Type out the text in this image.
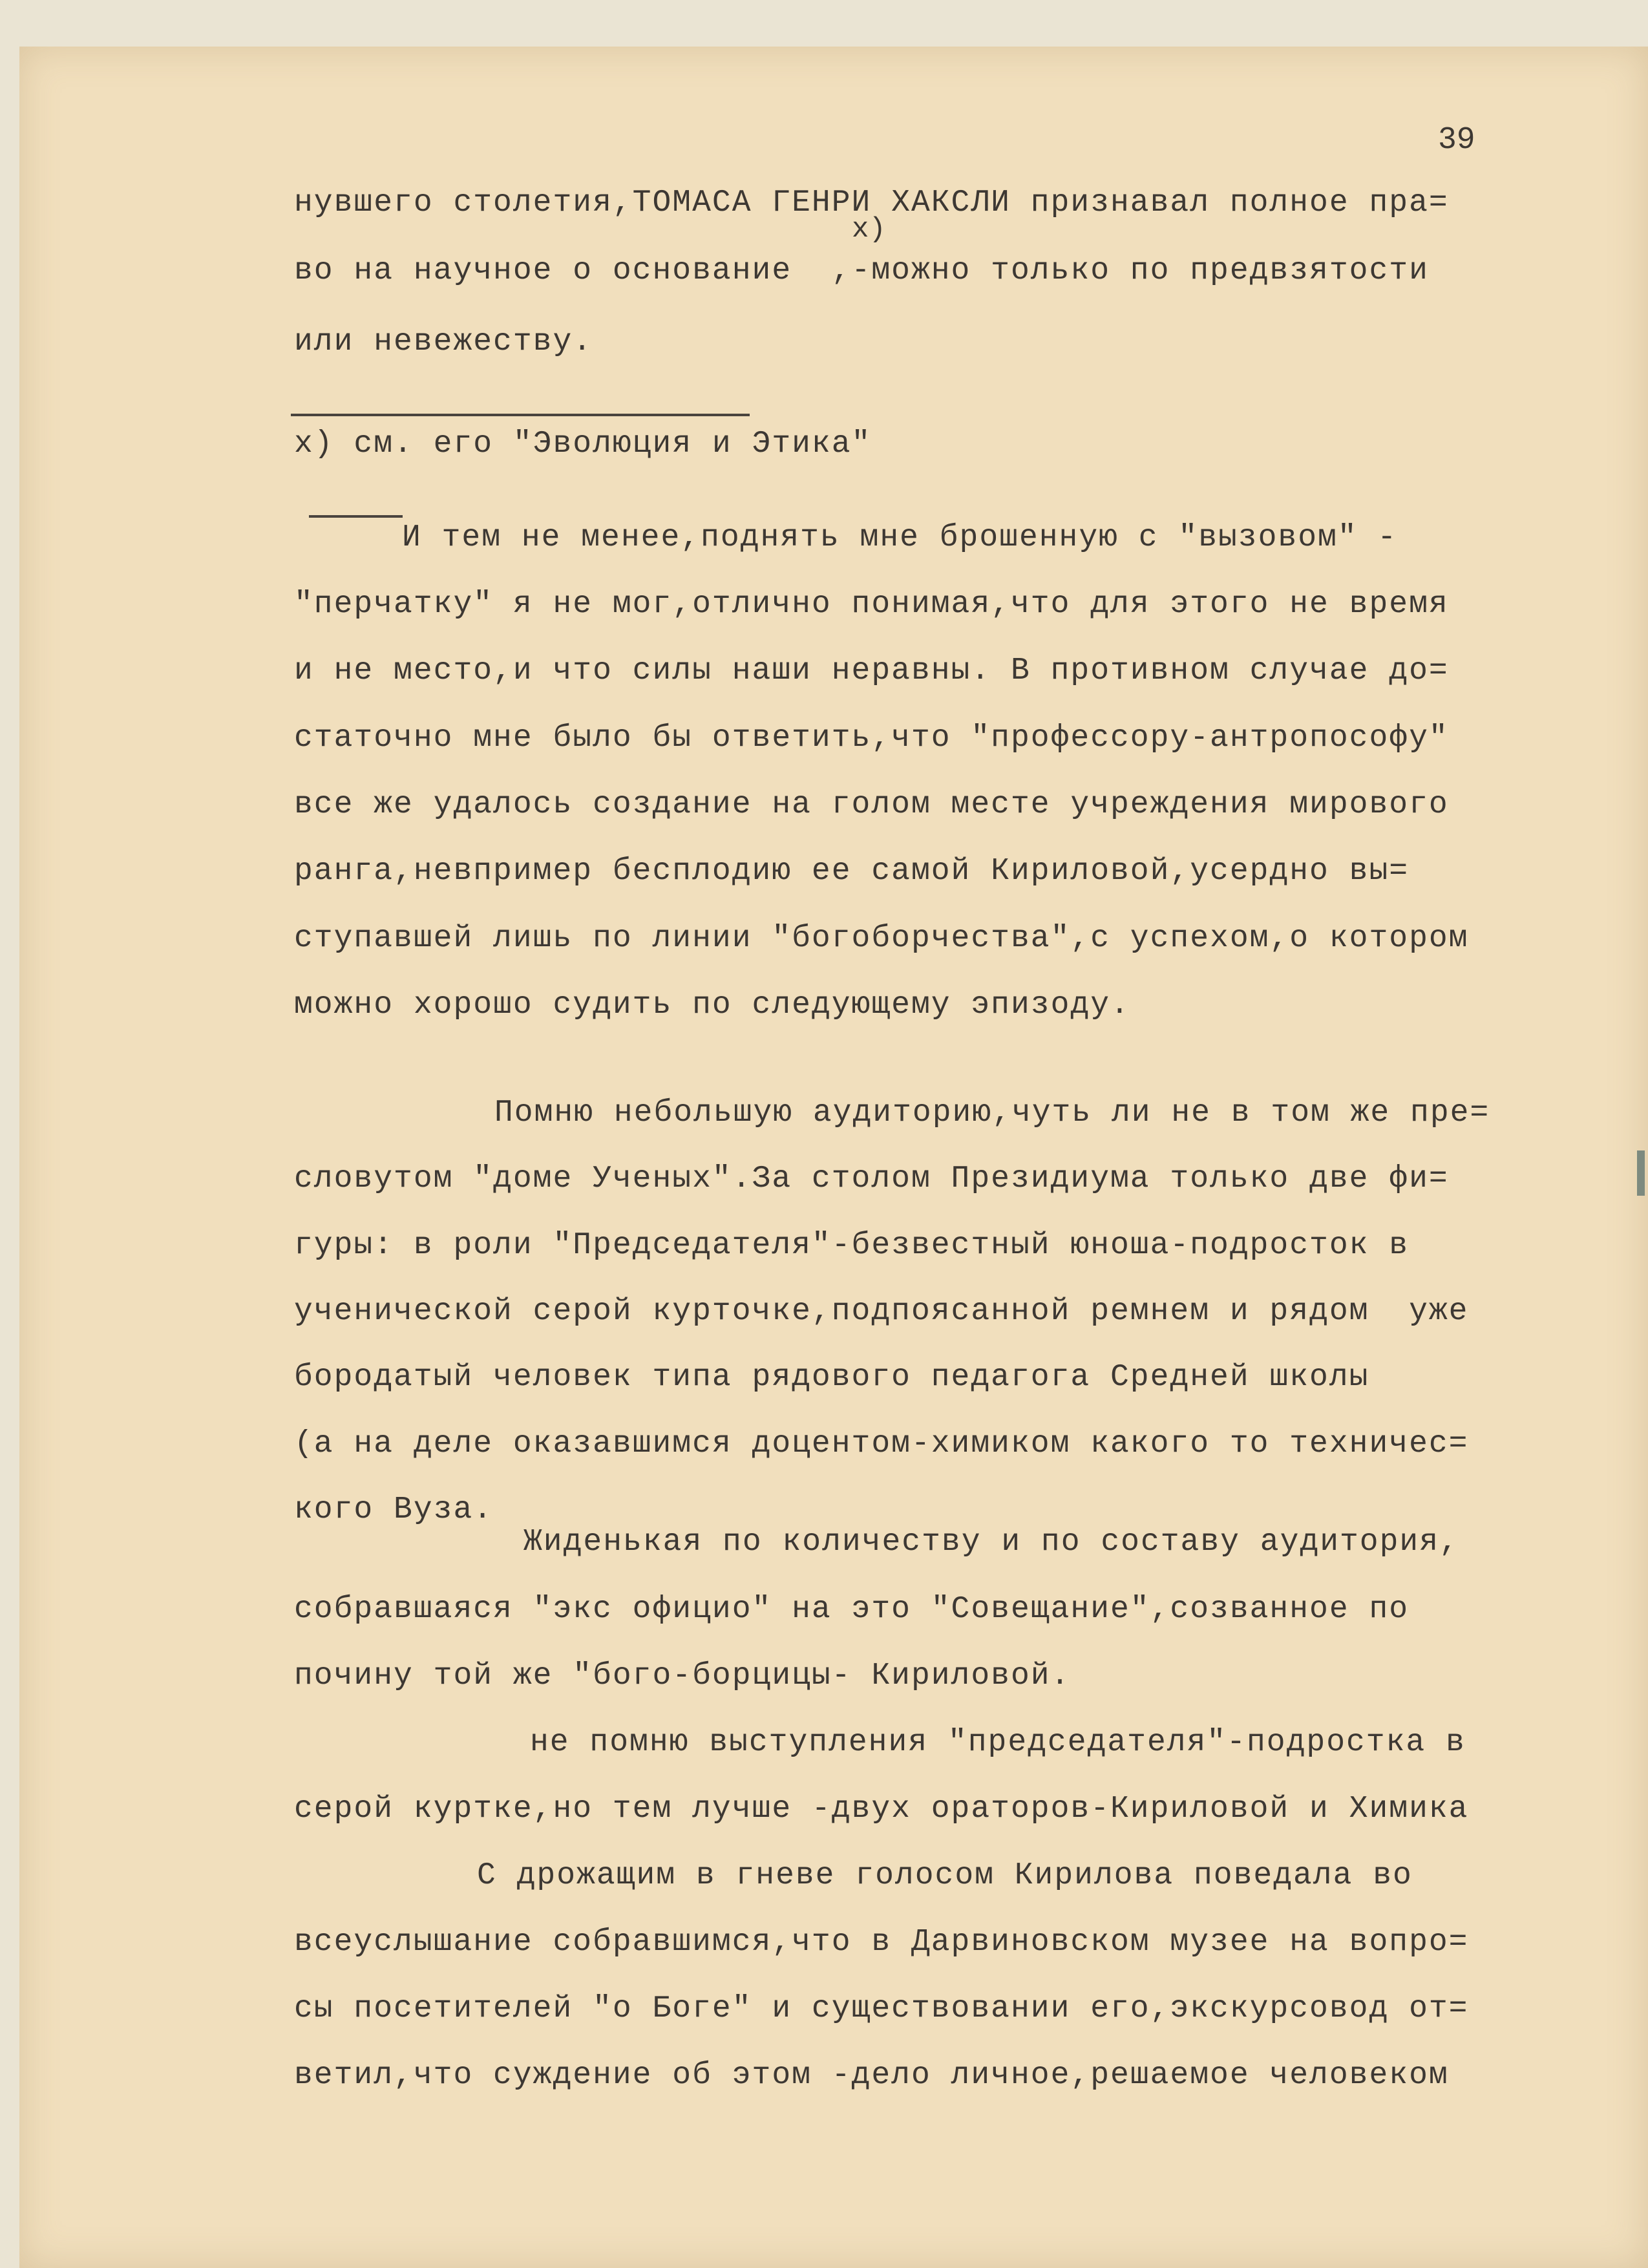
39
х)
нувшего столетия,ТОМАСА ГЕНРИ ХАКСЛИ признавал полное пра=
во на научное о основание  ,-можно только по предвзятости
или невежеству.
х) см. его "Эволюция и Этика"
И тем не менее,поднять мне брошенную с "вызовом" -
"перчатку" я не мог,отлично понимая,что для этого не время
и не место,и что силы наши неравны. В противном случае до=
статочно мне было бы ответить,что "профессору-антропософу"
все же удалось создание на голом месте учреждения мирового
ранга,невпример бесплодию ее самой Кириловой,усердно вы=
ступавшей лишь по линии "богоборчества",с успехом,о котором
можно хорошо судить по следующему эпизоду.
Помню небольшую аудиторию,чуть ли не в том же пре=
словутом "доме Ученых".За столом Президиума только две фи=
гуры: в роли "Председателя"-безвестный юноша-подросток в
ученической серой курточке,подпоясанной ремнем и рядом  уже
бородатый человек типа рядового педагога Средней школы
(а на деле оказавшимся доцентом-химиком какого то техничес=
кого Вуза.
Жиденькая по количеству и по составу аудитория,
собравшаяся "экс официо" на это "Совещание",созванное по
почину той же "бого-борцицы- Кириловой.
не помню выступления "председателя"-подростка в
серой куртке,но тем лучше -двух ораторов-Кириловой и Химика
С дрожащим в гневе голосом Кирилова поведала во
всеуслышание собравшимся,что в Дарвиновском музее на вопро=
сы посетителей "о Боге" и существовании его,экскурсовод от=
ветил,что суждение об этом -дело личное,решаемое человеком
